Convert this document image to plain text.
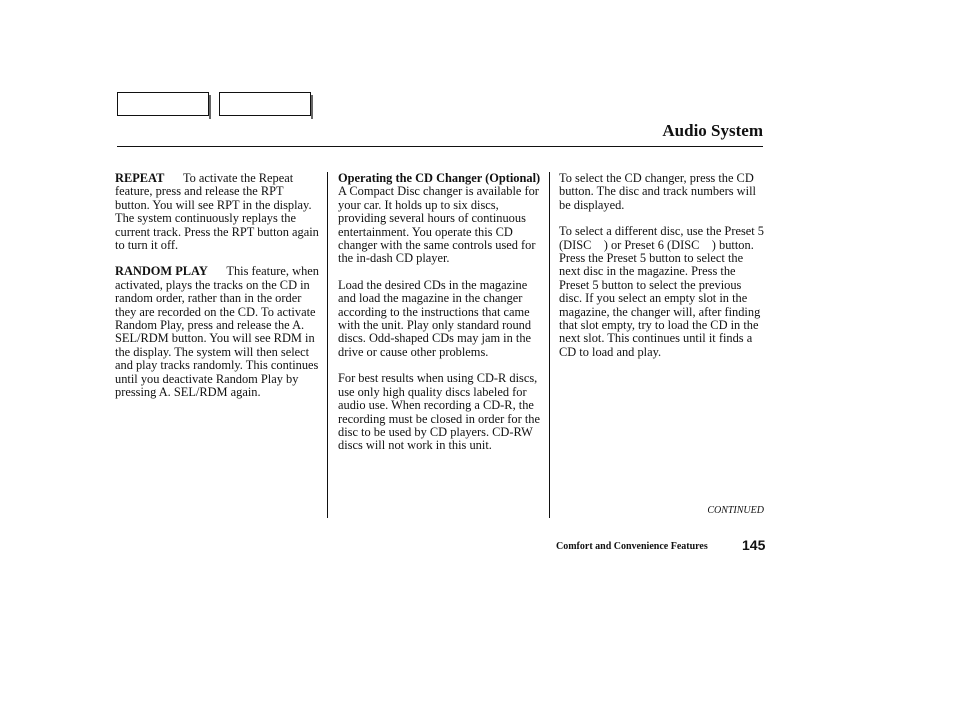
Audio System

REPEAT To activate the Repeat feature, press and release the RPT button. You will see RPT in the display. The system continuously replays the current track. Press the RPT button again to turn it off.

RANDOM PLAY This feature, when activated, plays the tracks on the CD in random order, rather than in the order they are recorded on the CD. To activate Random Play, press and release the A. SEL/RDM button. You will see RDM in the display. The system will then select and play tracks randomly. This continues until you deactivate Random Play by pressing A. SEL/RDM again.

Operating the CD Changer (Optional)

A Compact Disc changer is available for your car. It holds up to six discs, providing several hours of continuous entertainment. You operate this CD changer with the same controls used for the in-dash CD player.

Load the desired CDs in the magazine and load the magazine in the changer according to the instructions that came with the unit. Play only standard round discs. Odd-shaped CDs may jam in the drive or cause other problems.

For best results when using CD-R discs, use only high quality discs labeled for audio use. When recording a CD-R, the recording must be closed in order for the disc to be used by CD players. CD-RW discs will not work in this unit.

To select the CD changer, press the CD button. The disc and track numbers will be displayed.

To select a different disc, use the Preset 5 (DISC ) or Preset 6 (DISC ) button. Press the Preset 5 button to select the next disc in the magazine. Press the Preset 5 button to select the previous disc. If you select an empty slot in the magazine, the changer will, after finding that slot empty, try to load the CD in the next slot. This continues until it finds a CD to load and play.

CONTINUED
Comfort and Convenience Features 145
